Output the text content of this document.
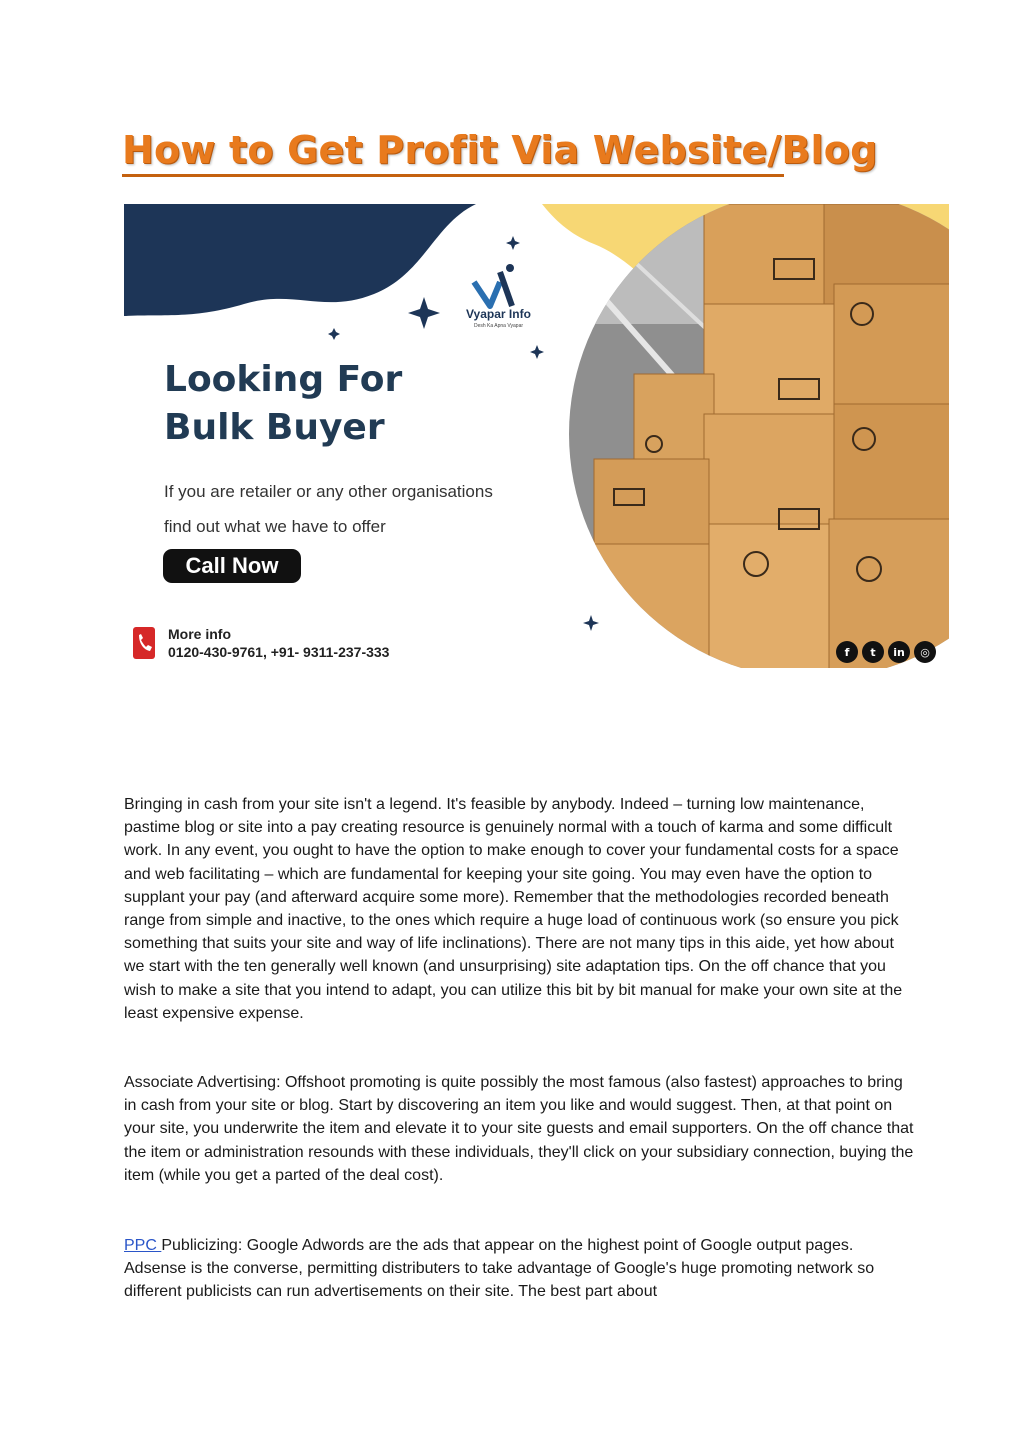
How to Get Profit Via Website/Blog
Vyapar Info
Desh Ka Apna Vyapar
Looking For
Bulk Buyer
If you are retailer or any other organisations
find out what we have to offer
Call Now
More info
0120-430-9761, +91- 9311-237-333	f	t	in	◎

Bringing in cash from your site isn't a legend. It's feasible by anybody. Indeed – turning low maintenance, pastime blog or site into a pay creating resource is genuinely normal with a touch of karma and some difficult work. In any event, you ought to have the option to make enough to cover your fundamental costs for a space and web facilitating – which are fundamental for keeping your site going. You may even have the option to supplant your pay (and afterward acquire some more). Remember that the methodologies recorded beneath range from simple and inactive, to the ones which require a huge load of continuous work (so ensure you pick something that suits your site and way of life inclinations). There are not many tips in this aide, yet how about we start with the ten generally well known (and unsurprising) site adaptation tips. On the off chance that you wish to make a site that you intend to adapt, you can utilize this bit by bit manual for make your own site at the least expensive expense.

Associate Advertising: Offshoot promoting is quite possibly the most famous (also fastest) approaches to bring in cash from your site or blog. Start by discovering an item you like and would suggest. Then, at that point on your site, you underwrite the item and elevate it to your site guests and email supporters. On the off chance that the item or administration resounds with these individuals, they'll click on your subsidiary connection, buying the item (while you get a parted of the deal cost).

PPC Publicizing: Google Adwords are the ads that appear on the highest point of Google output pages. Adsense is the converse, permitting distributers to take advantage of Google's huge promoting network so different publicists can run advertisements on their site. The best part about
